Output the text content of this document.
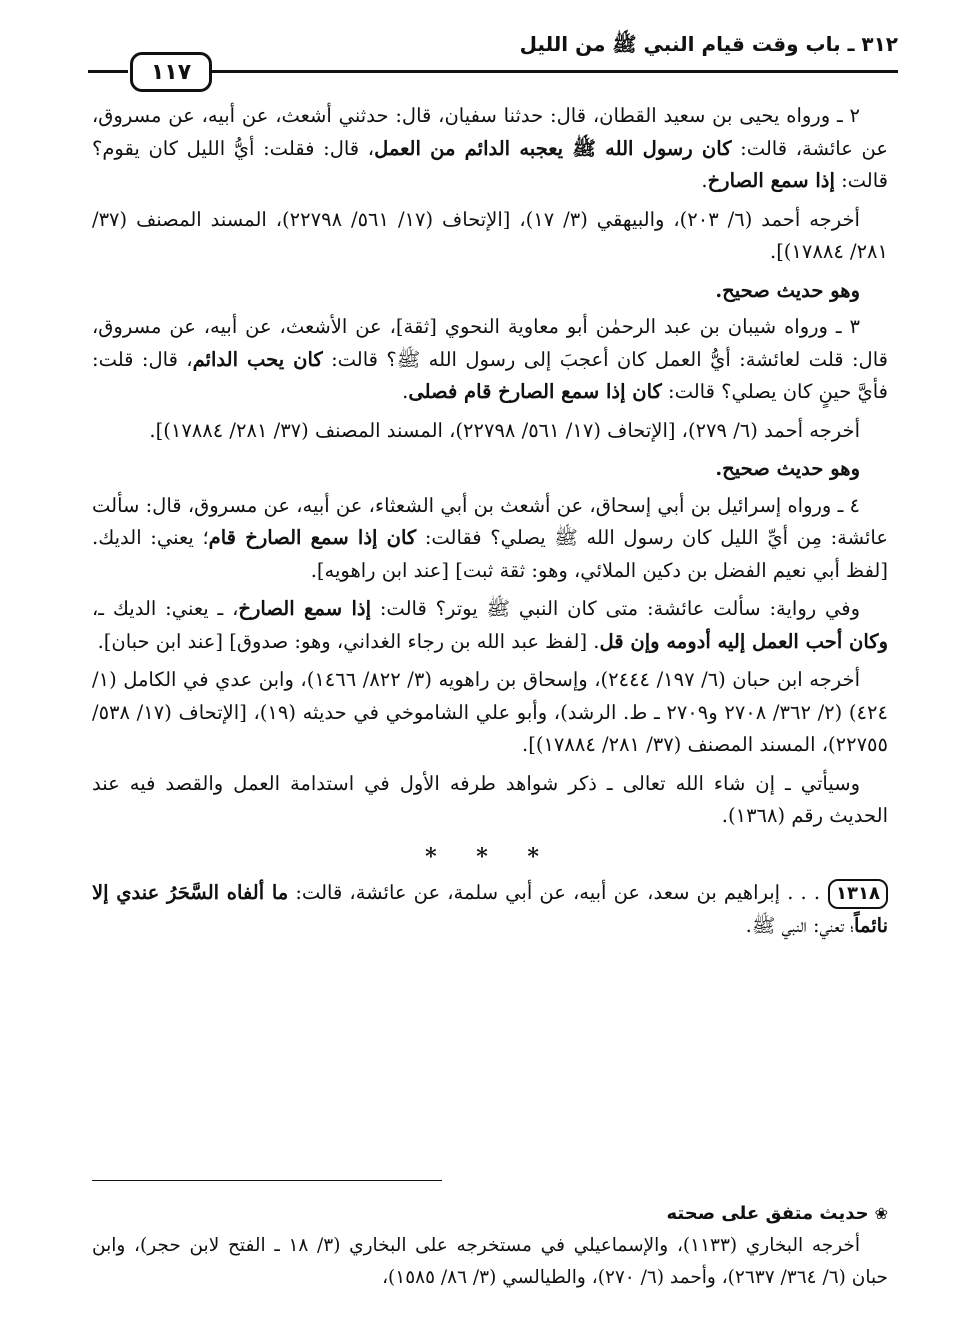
٣١٢ ـ باب وقت قيام النبي ﷺ من الليل
١١٧

٢ ـ ورواه يحيى بن سعيد القطان، قال: حدثنا سفيان، قال: حدثني أشعث، عن أبيه، عن مسروق، عن عائشة، قالت: كان رسول الله ﷺ يعجبه الدائم من العمل، قال: فقلت: أيُّ الليل كان يقوم؟ قالت: إذا سمع الصارخ.

أخرجه أحمد (٦/ ٢٠٣)، والبيهقي (٣/ ١٧)، [الإتحاف (١٧/ ٥٦١/ ٢٢٧٩٨)، المسند المصنف (٣٧/ ٢٨١/ ١٧٨٨٤)].

وهو حديث صحيح.

٣ ـ ورواه شيبان بن عبد الرحمٰن أبو معاوية النحوي [ثقة]، عن الأشعث، عن أبيه، عن مسروق، قال: قلت لعائشة: أيُّ العمل كان أعجبَ إلى رسول الله ﷺ؟ قالت: كان يحب الدائم، قال: قلت: فأيَّ حينٍ كان يصلي؟ قالت: كان إذا سمع الصارخ قام فصلى.

أخرجه أحمد (٦/ ٢٧٩)، [الإتحاف (١٧/ ٥٦١/ ٢٢٧٩٨)، المسند المصنف (٣٧/ ٢٨١/ ١٧٨٨٤)].

وهو حديث صحيح.

٤ ـ ورواه إسرائيل بن أبي إسحاق، عن أشعث بن أبي الشعثاء، عن أبيه، عن مسروق، قال: سألت عائشة: مِن أيِّ الليل كان رسول الله ﷺ يصلي؟ فقالت: كان إذا سمع الصارخ قام؛ يعني: الديك. [لفظ أبي نعيم الفضل بن دكين الملائي، وهو: ثقة ثبت] [عند ابن راهويه].

وفي رواية: سألت عائشة: متى كان النبي ﷺ يوتر؟ قالت: إذا سمع الصارخ، ـ يعني: الديك ـ، وكان أحب العمل إليه أدومه وإن قل. [لفظ عبد الله بن رجاء الغداني، وهو: صدوق] [عند ابن حبان].

أخرجه ابن حبان (٦/ ١٩٧/ ٢٤٤٤)، وإسحاق بن راهويه (٣/ ٨٢٢/ ١٤٦٦)، وابن عدي في الكامل (١/ ٤٢٤) (٢/ ٣٦٢/ ٢٧٠٨ و٢٧٠٩ ـ ط. الرشد)، وأبو علي الشاموخي في حديثه (١٩)، [الإتحاف (١٧/ ٥٣٨/ ٢٢٧٥٥)، المسند المصنف (٣٧/ ٢٨١/ ١٧٨٨٤)].

وسيأتي ـ إن شاء الله تعالى ـ ذكر شواهد طرفه الأول في استدامة العمل والقصد فيه عند الحديث رقم (١٣٦٨).

* * *

١٣١٨. . . إبراهيم بن سعد، عن أبيه، عن أبي سلمة، عن عائشة، قالت: ما ألفاه السَّحَرُ عندي إلا نائماً؛ تعني: النبي ﷺ.

❀حديث متفق على صحته
أخرجه البخاري (١١٣٣)، والإسماعيلي في مستخرجه على البخاري (٣/ ١٨ ـ الفتح لابن حجر)، وابن حبان (٦/ ٣٦٤/ ٢٦٣٧)، وأحمد (٦/ ٢٧٠)، والطيالسي (٣/ ٨٦/ ١٥٨٥)،
